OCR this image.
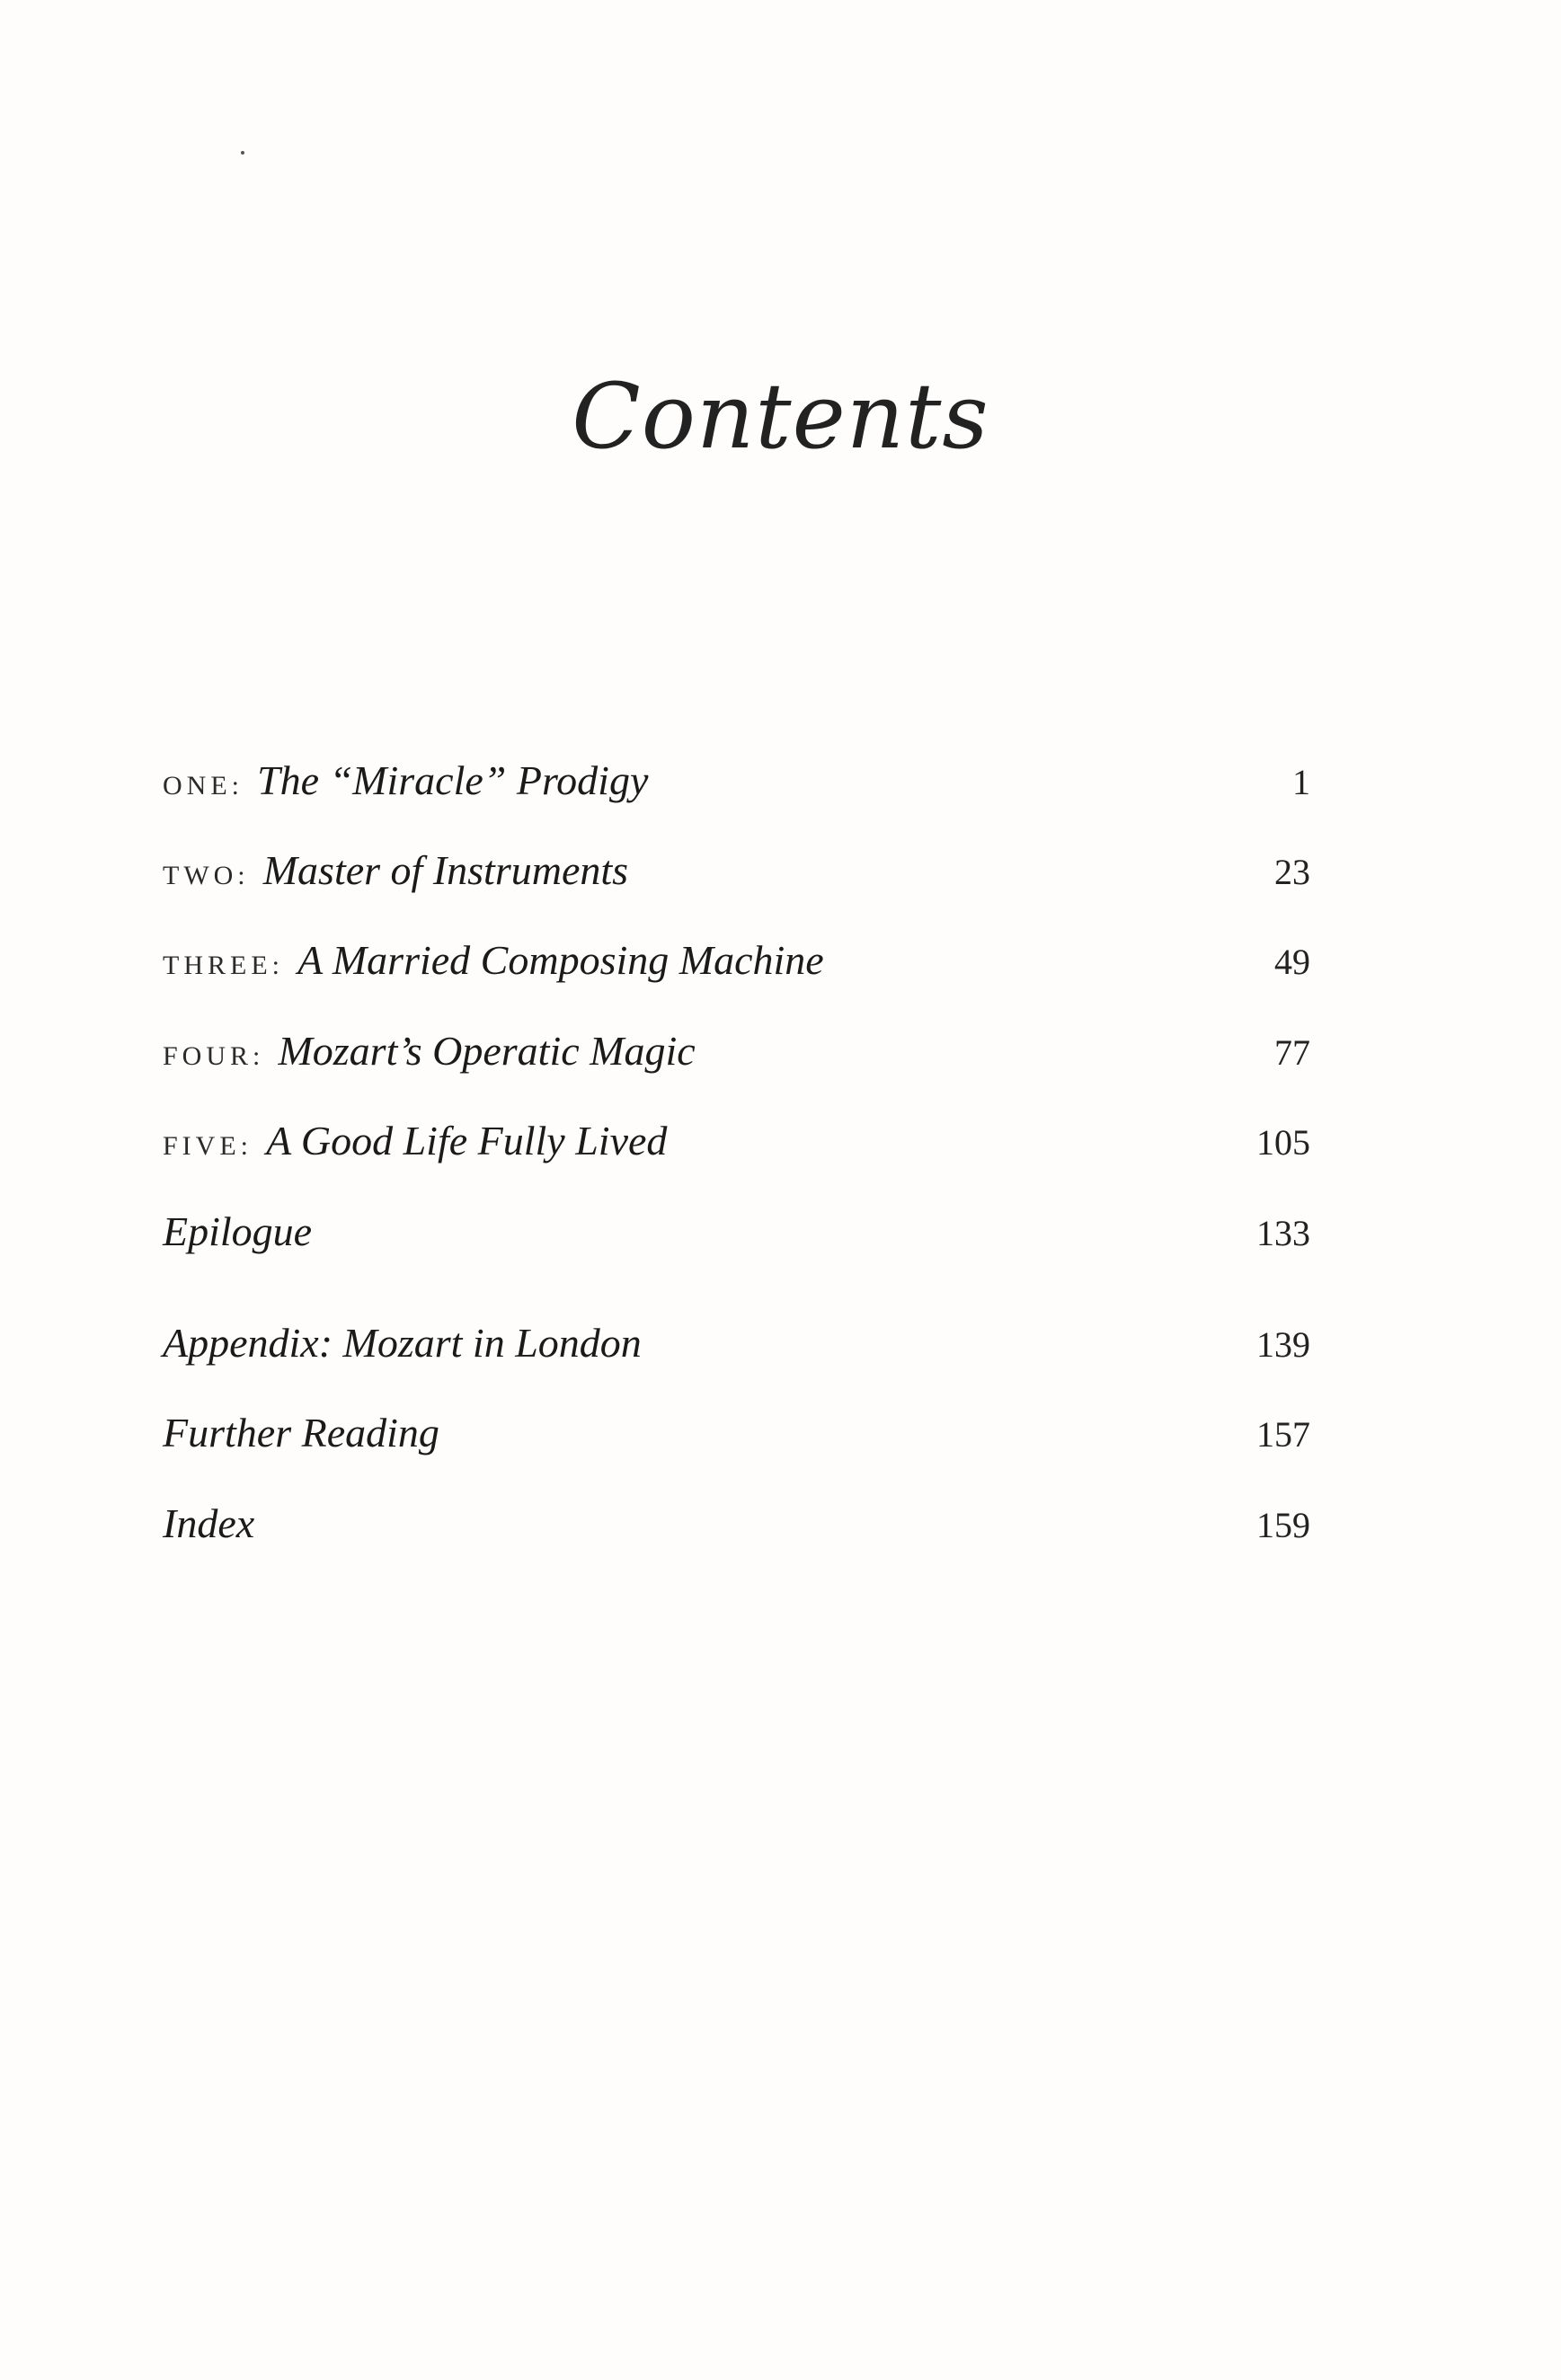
Contents
ONE: The “Miracle” Prodigy	1
TWO: Master of Instruments	23
THREE: A Married Composing Machine	49
FOUR: Mozart’s Operatic Magic	77
FIVE: A Good Life Fully Lived	105
Epilogue	133
Appendix: Mozart in London	139
Further Reading	157
Index	159
